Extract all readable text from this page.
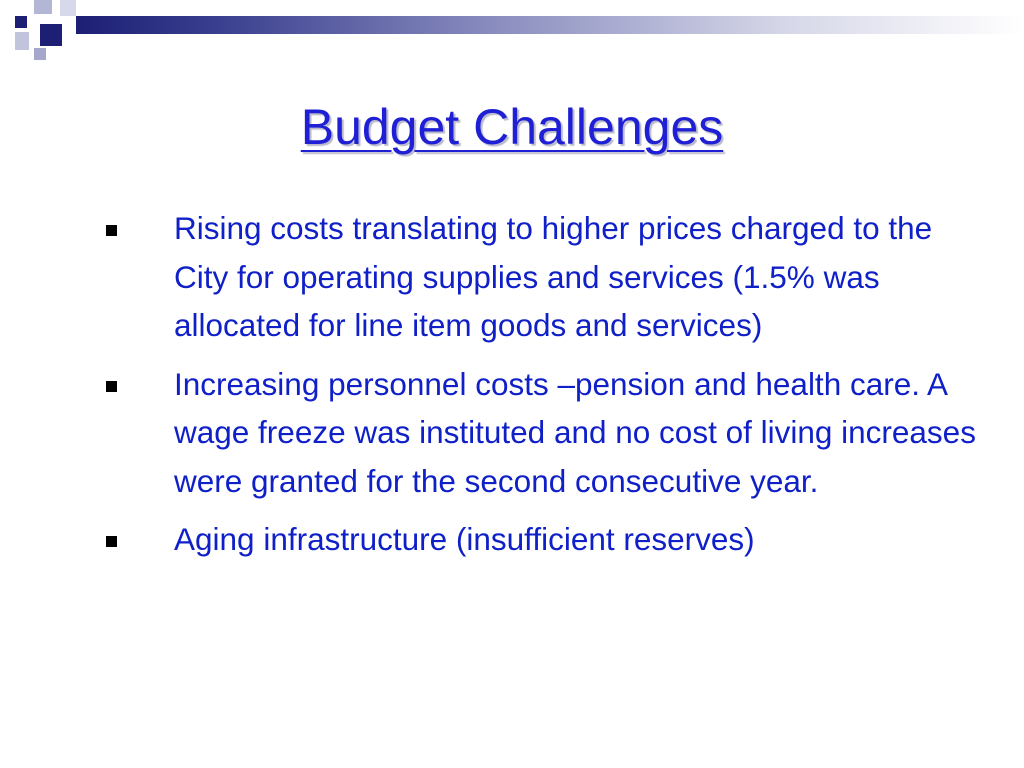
Budget Challenges
Rising costs translating to higher prices charged to the City for operating supplies and services (1.5% was allocated for line item goods and services)
Increasing personnel costs –pension and health care. A wage freeze was instituted and no cost of living increases were granted for the second consecutive year.
Aging infrastructure (insufficient reserves)
